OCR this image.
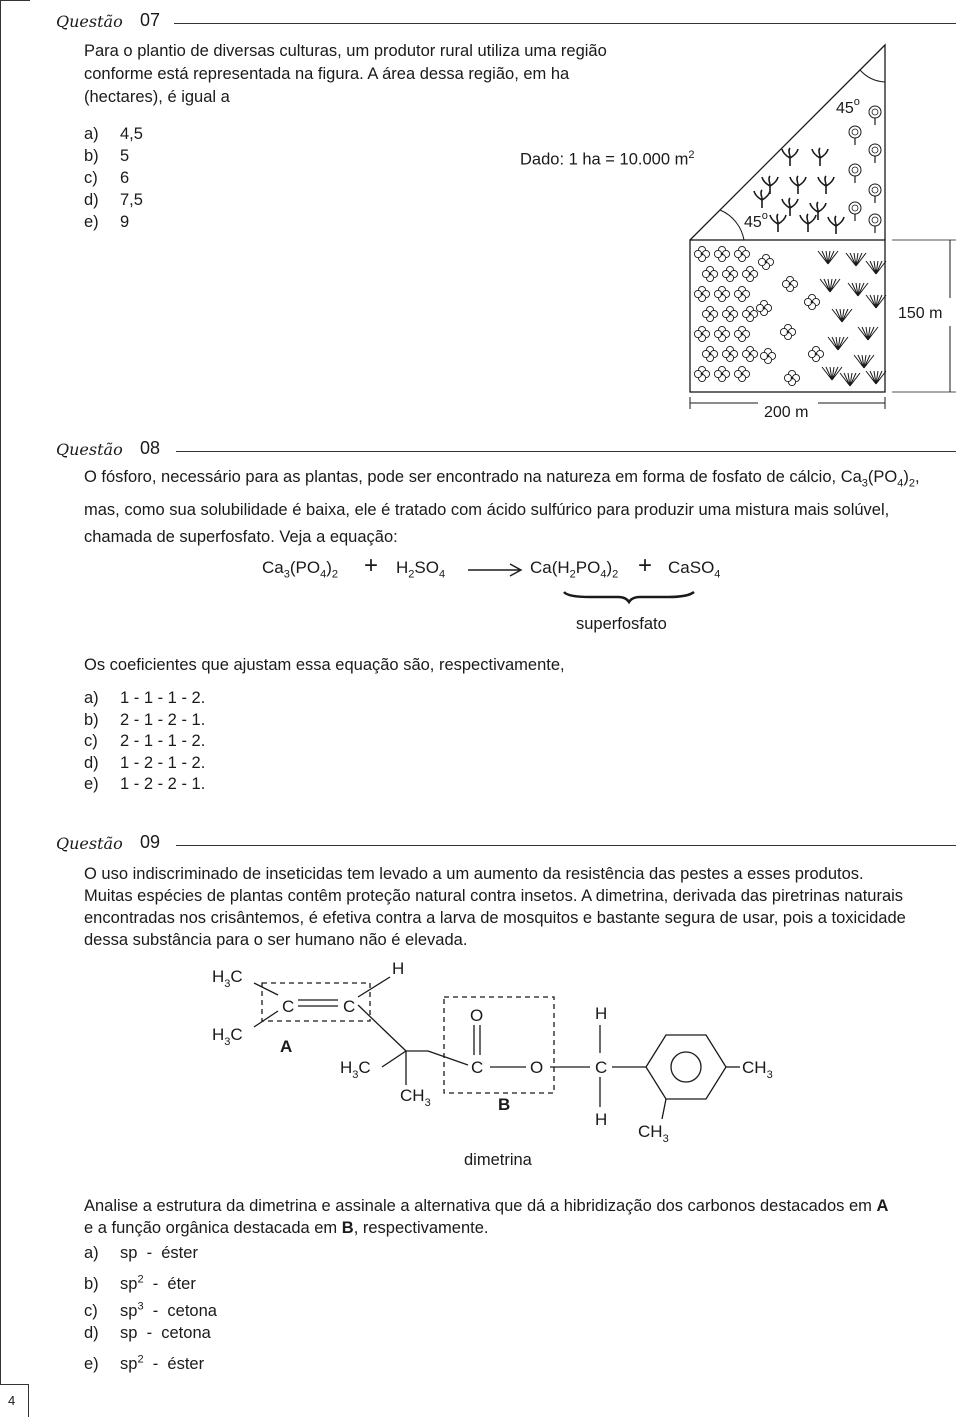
Questão 07
Para o plantio de diversas culturas, um produtor rural utiliza uma região conforme está representada na figura. A área dessa região, em ha (hectares), é igual a
a) 4,5
b) 5
c) 6
d) 7,5
e) 9
Dado: 1 ha = 10.000 $m^2$
45$^o$
45$^o$
150 m
200 m
Questão 08
O fósforo, necessário para as plantas, pode ser encontrado na natureza em forma de fosfato de cálcio, $Ca_3(PO_4)_2$,
mas, como sua solubilidade é baixa, ele é tratado com ácido sulfúrico para produzir uma mistura mais solúvel,
chamada de superfosfato. Veja a equação:
$Ca_3(PO_4)_2 + H_2SO_4 \to Ca(H_2PO_4)_2$ + CaSO$_4$
superfosfato
Os coeficientes que ajustam essa equação são, respectivamente,
a) 1 - 1 - 1 - 2.
b) 2 - 1 - 2 - 1.
c) 2 - 1 - 1 - 2.
d) 1 - 2 - 1 - 2.
e) 1 - 2 - 2 - 1.
Questão 09
O uso indiscriminado de inseticidas tem levado a um aumento da resistência das pestes a esses produtos.
Muitas espécies de plantas contêm proteção natural contra insetos. A dimetrina, derivada das piretrinas naturais
encontradas nos crisântemos, é efetiva contra a larva de mosquitos e bastante segura de usar, pois a toxicidade
dessa substância para o ser humano não é elevada.
$H_3C$
$H_3C$
H
C	C
A
$H_3C$
$CH_3$
O
C	O
B
H
C
H
$CH_3$
$CH_3$
dimetrina
Analise a estrutura da dimetrina e assinale a alternativa que dá a hibridização dos carbonos destacados em A
e a função orgânica destacada em B, respectivamente.
a) sp  -  éster
b) $sp^2$  -  éter
c) $sp^3$  -  cetona
d) sp  -  cetona
e) $sp^2$  -  éster
4
